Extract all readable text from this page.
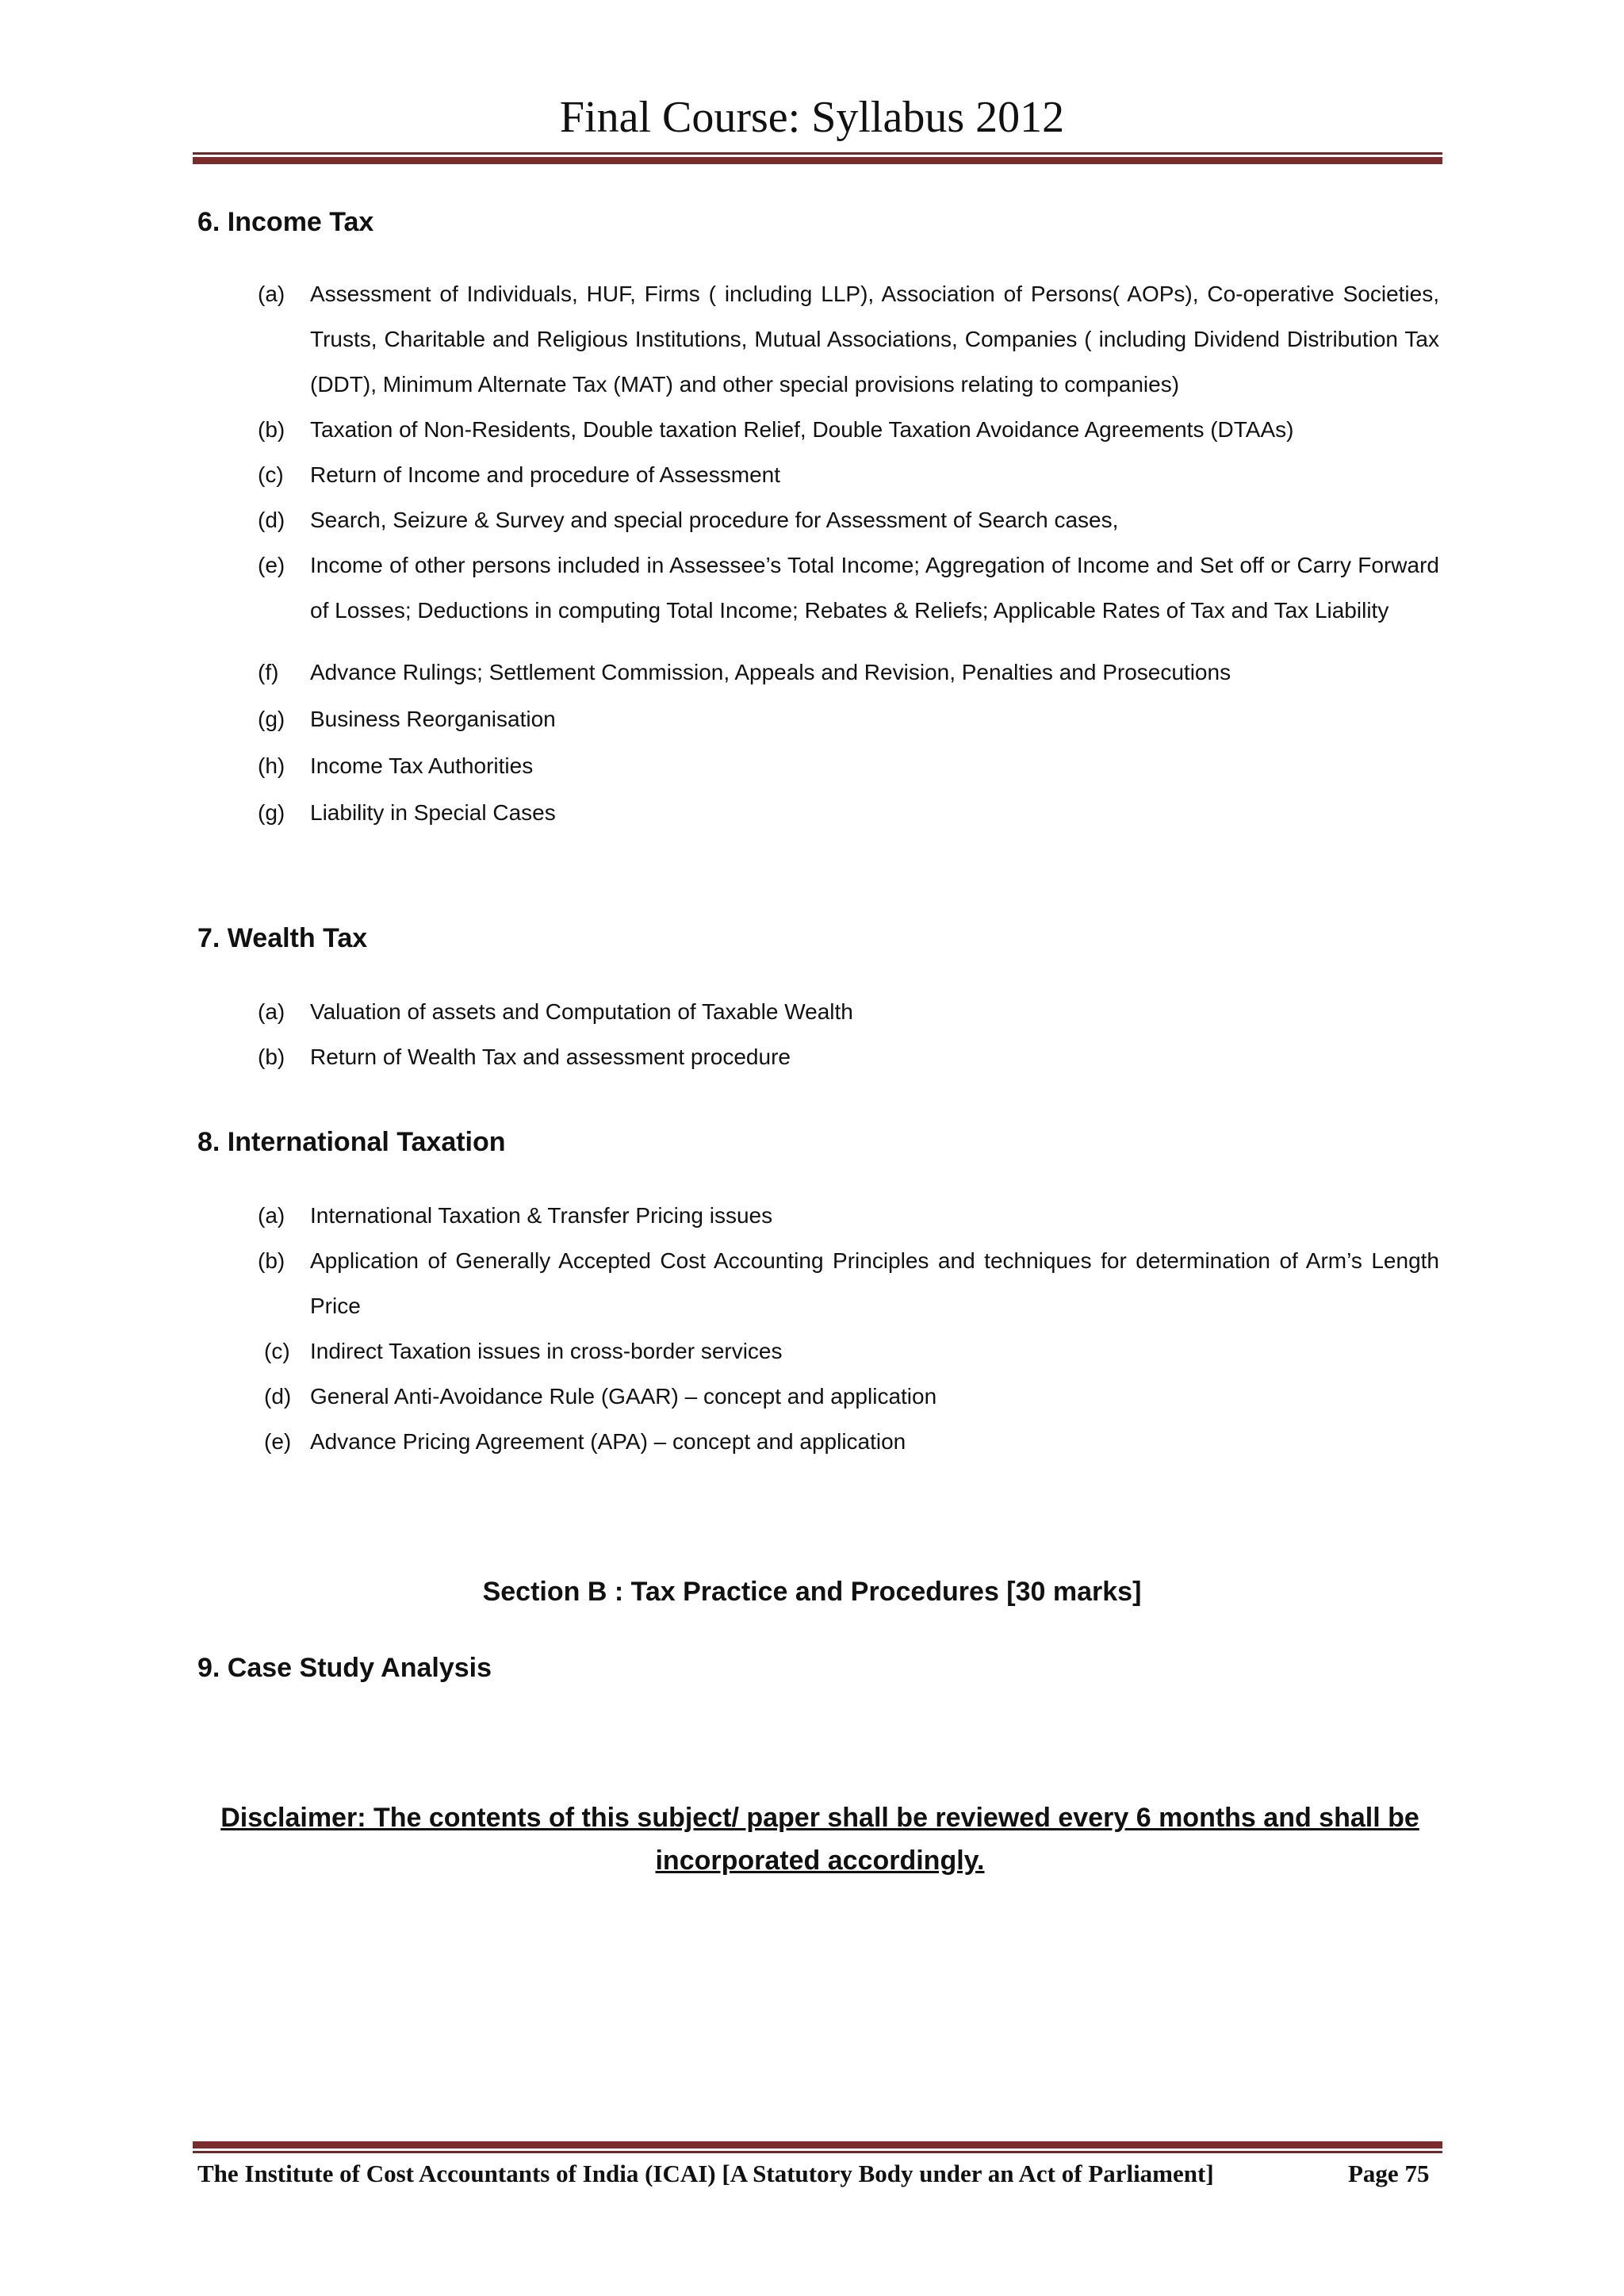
Final Course: Syllabus 2012
6. Income Tax
(a)	Assessment of Individuals, HUF, Firms ( including LLP), Association of Persons( AOPs), Co-operative Societies, Trusts, Charitable and Religious Institutions, Mutual Associations, Companies ( including Dividend Distribution Tax (DDT), Minimum Alternate Tax (MAT) and other special provisions relating to companies)
(b)	Taxation of Non-Residents, Double taxation Relief, Double Taxation Avoidance Agreements (DTAAs)
(c)	Return of Income and procedure of Assessment
(d)	Search, Seizure & Survey and special procedure for Assessment of Search cases,
(e)	Income of other persons included in Assessee’s Total Income; Aggregation of Income and Set off or Carry Forward of Losses; Deductions in computing Total Income; Rebates & Reliefs; Applicable Rates of Tax and Tax Liability
(f)	Advance Rulings; Settlement Commission, Appeals and Revision, Penalties and Prosecutions
(g)	Business Reorganisation
(h)	Income Tax Authorities
(g)	Liability in Special Cases
7. Wealth Tax
(a)	Valuation of assets and Computation of Taxable Wealth
(b)	Return of Wealth Tax and assessment procedure
8. International Taxation
(a)	International Taxation & Transfer Pricing issues
(b)	Application of Generally Accepted Cost Accounting Principles and techniques for determination of Arm’s Length Price
(c) Indirect Taxation issues in cross-border services
(d) General Anti-Avoidance Rule (GAAR) – concept and application
(e) Advance Pricing Agreement (APA) – concept and application
Section B : Tax Practice and Procedures [30 marks]
9. Case Study Analysis
Disclaimer: The contents of this subject/ paper shall be reviewed every 6 months and shall be
incorporated accordingly.
The Institute of Cost Accountants of India (ICAI) [A Statutory Body under an Act of Parliament]	Page 75
